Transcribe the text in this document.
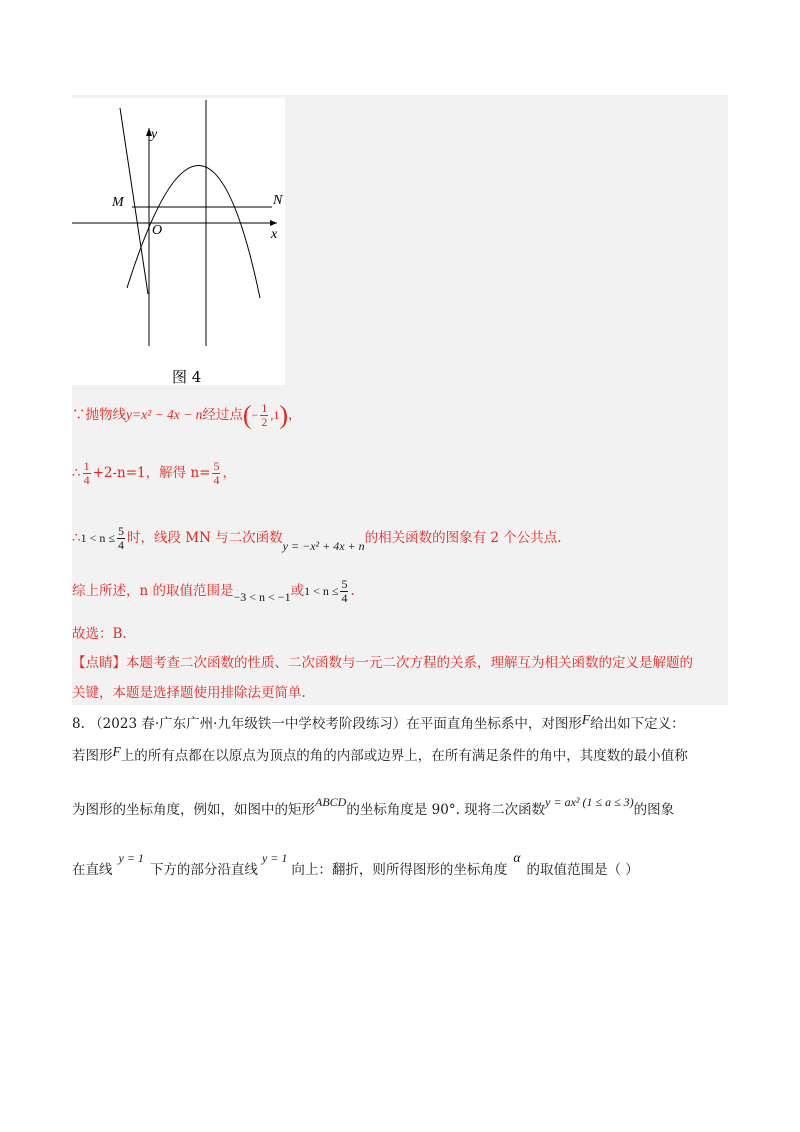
y
x
M	N
O
图 4
∵抛物线y=x² − 4x − n经过点(− $\frac{1}{2} ,1$)，
∴ $\frac{1}{4} +2-n=1$，解得 $n= \frac{5}{4}$ ，
∴1 < $n \le \frac{5}{4}$ 时，线段 MN 与二次函数y = −x² + 4x + n的相关函数的图象有 2 个公共点.
综上所述，n 的取值范围是−3 < n < −1或$1 < n \le \frac{5}{4}$ .
故选：B.
【点睛】本题考查二次函数的性质、二次函数与一元二次方程的关系，理解互为相关函数的定义是解题的
关键，本题是选择题使用排除法更简单.
8. （2023 春·广东广州·九年级铁一中学校考阶段练习）在平面直角坐标系中，对图形F给出如下定义：
若图形F上的所有点都在以原点为顶点的角的内部或边界上，在所有满足条件的角中，其度数的最小值称
为图形的坐标角度，例如，如图中的矩形ABCD的坐标角度是 90°. 现将二次函数y = ax² (1 ≤ a ≤ 3)的图象
在直线y = 1下方的部分沿直线y = 1向上：翻折，则所得图形的坐标角度α的取值范围是（ ）
